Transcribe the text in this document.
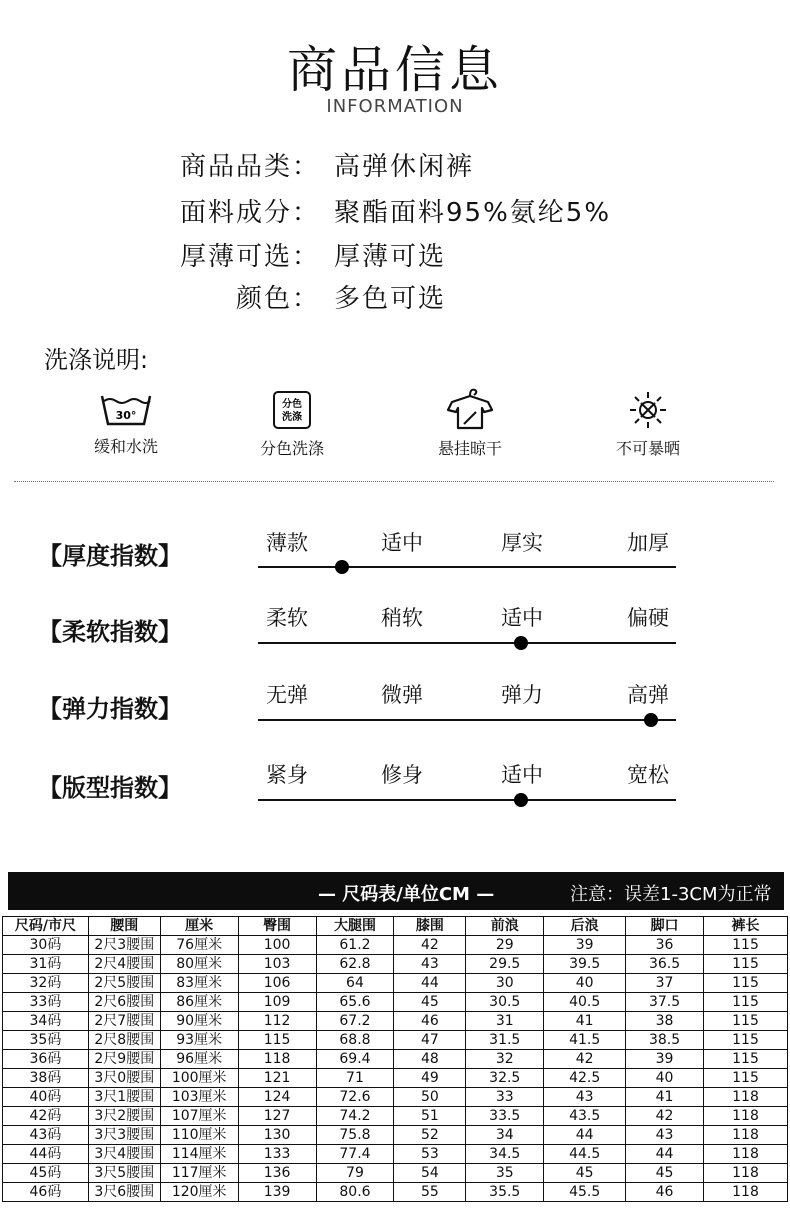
商品信息
INFORMATION
商品品类： 高弹休闲裤
面料成分： 聚酯面料95%氨纶5%
厚薄可选： 厚薄可选
颜色： 多色可选
洗涤说明:
30°
缓和水洗
分色
洗涤
分色洗涤	悬挂晾干	不可暴晒
【厚度指数】	薄款	适中	厚实	加厚
【柔软指数】	柔软	稍软	适中	偏硬
【弹力指数】	无弹	微弹	弹力	高弹
【版型指数】	紧身	修身	适中	宽松
— 尺码表/单位CM —	注意：误差1-3CM为正常
尺码/市尺	腰围	厘米	臀围	大腿围	膝围	前浪	后浪	脚口	裤长
30码	2尺3腰围	76厘米	100	61.2	42	29	39	36	115
31码	2尺4腰围	80厘米	103	62.8	43	29.5	39.5	36.5	115
32码	2尺5腰围	83厘米	106	64	44	30	40	37	115
33码	2尺6腰围	86厘米	109	65.6	45	30.5	40.5	37.5	115
34码	2尺7腰围	90厘米	112	67.2	46	31	41	38	115
35码	2尺8腰围	93厘米	115	68.8	47	31.5	41.5	38.5	115
36码	2尺9腰围	96厘米	118	69.4	48	32	42	39	115
38码	3尺0腰围	100厘米	121	71	49	32.5	42.5	40	115
40码	3尺1腰围	103厘米	124	72.6	50	33	43	41	118
42码	3尺2腰围	107厘米	127	74.2	51	33.5	43.5	42	118
43码	3尺3腰围	110厘米	130	75.8	52	34	44	43	118
44码	3尺4腰围	114厘米	133	77.4	53	34.5	44.5	44	118
45码	3尺5腰围	117厘米	136	79	54	35	45	45	118
46码	3尺6腰围	120厘米	139	80.6	55	35.5	45.5	46	118
